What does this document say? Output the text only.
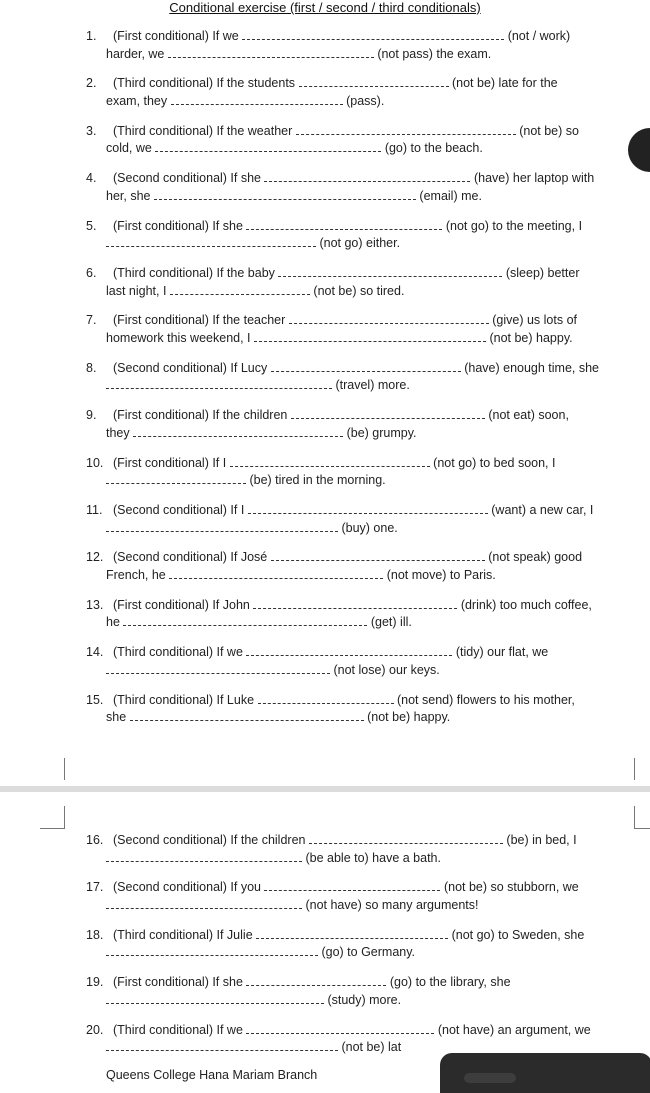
Conditional exercise (first / second / third conditionals)
1. (First conditional) If we	(not / work)
harder, we	(not pass) the exam.
2. (Third conditional) If the students	(not be) late for the
exam, they	(pass).
3. (Third conditional) If the weather	(not be) so
cold, we	(go) to the beach.
4. (Second conditional) If she	(have) her laptop with
her, she	(email) me.
5. (First conditional) If she	(not go) to the meeting, I
(not go) either.
6. (Third conditional) If the baby	(sleep) better
last night, I	(not be) so tired.
7. (First conditional) If the teacher	(give) us lots of
homework this weekend, I	(not be) happy.
8. (Second conditional) If Lucy	(have) enough time, she
(travel) more.
9. (First conditional) If the children	(not eat) soon,
they	(be) grumpy.
10. (First conditional) If I	(not go) to bed soon, I
(be) tired in the morning.
11. (Second conditional) If I	(want) a new car, I
(buy) one.
12. (Second conditional) If José	(not speak) good
French, he	(not move) to Paris.
13. (First conditional) If John	(drink) too much coffee,
he	(get) ill.
14. (Third conditional) If we	(tidy) our flat, we
(not lose) our keys.
15. (Third conditional) If Luke	(not send) flowers to his mother,
she	(not be) happy.
16. (Second conditional) If the children	(be) in bed, I
(be able to) have a bath.
17. (Second conditional) If you	(not be) so stubborn, we
(not have) so many arguments!
18. (Third conditional) If Julie	(not go) to Sweden, she
(go) to Germany.
19. (First conditional) If she	(go) to the library, she
(study) more.
20. (Third conditional) If we	(not have) an argument, we
(not be) lat
Queens College Hana Mariam Branch
